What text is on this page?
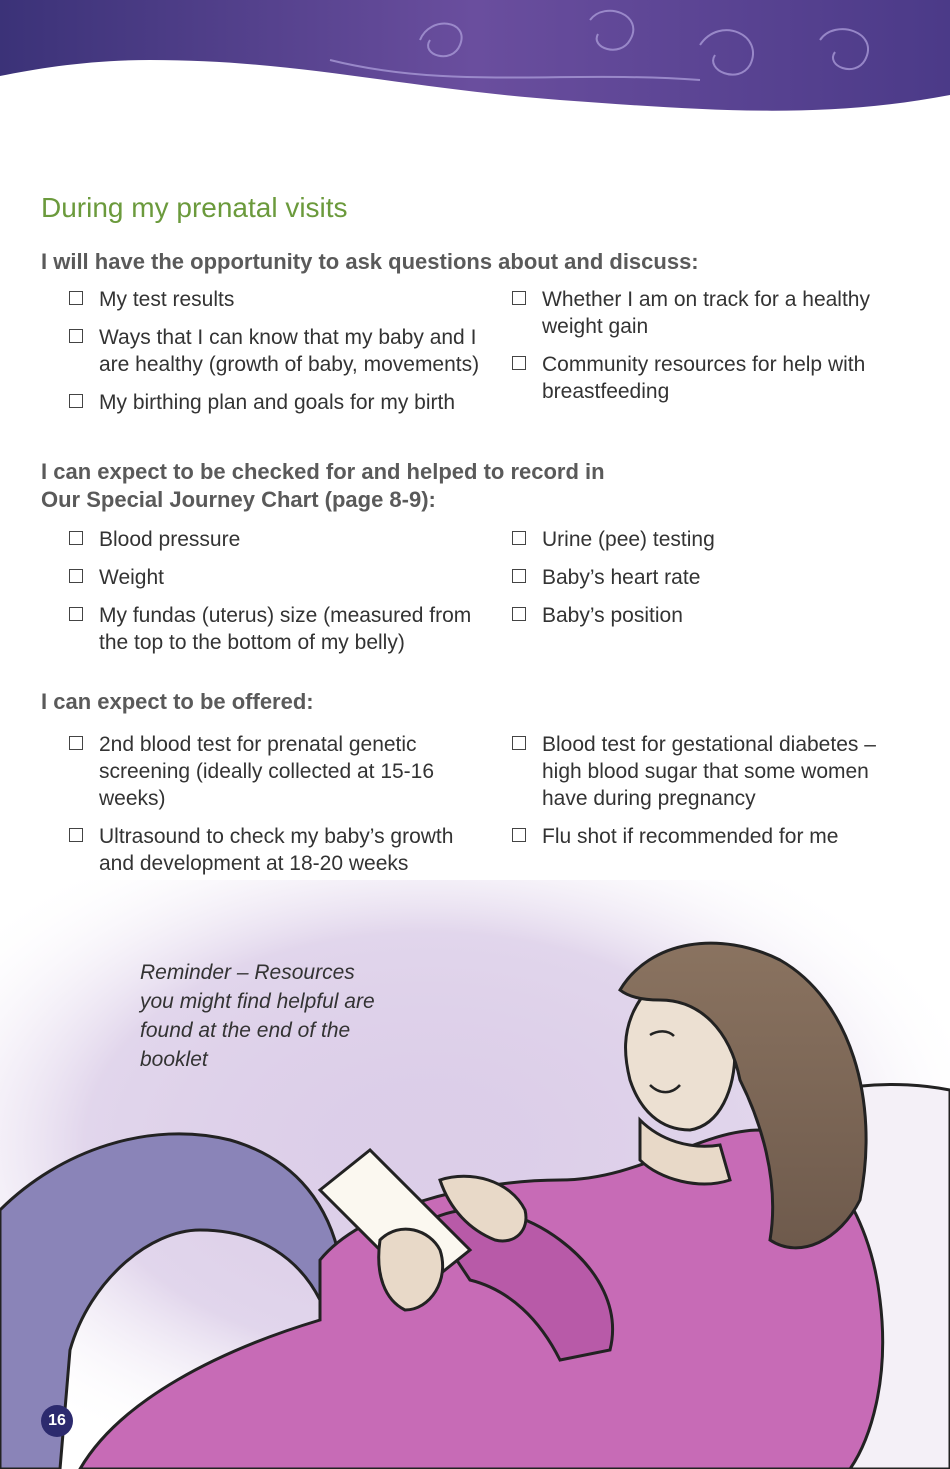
During my prenatal visits
I will have the opportunity to ask questions about and discuss:
My test results
Ways that I can know that my baby and I are healthy (growth of baby, movements)
My birthing plan and goals for my birth
Whether I am on track for a healthy weight gain
Community resources for help with breastfeeding
I can expect to be checked for and helped to record in
Our Special Journey Chart (page 8-9):
Blood pressure
Weight
My fundas (uterus) size (measured from the top to the bottom of my belly)
Urine (pee) testing
Baby’s heart rate
Baby’s position
I can expect to be offered:
2nd blood test for prenatal genetic screening (ideally collected at 15-16 weeks)
Ultrasound to check my baby’s growth and development at 18-20 weeks
Blood test for gestational diabetes – high blood sugar that some women have during pregnancy
Flu shot if recommended for me
Reminder – Resources you might find helpful are found at the end of the booklet
16
